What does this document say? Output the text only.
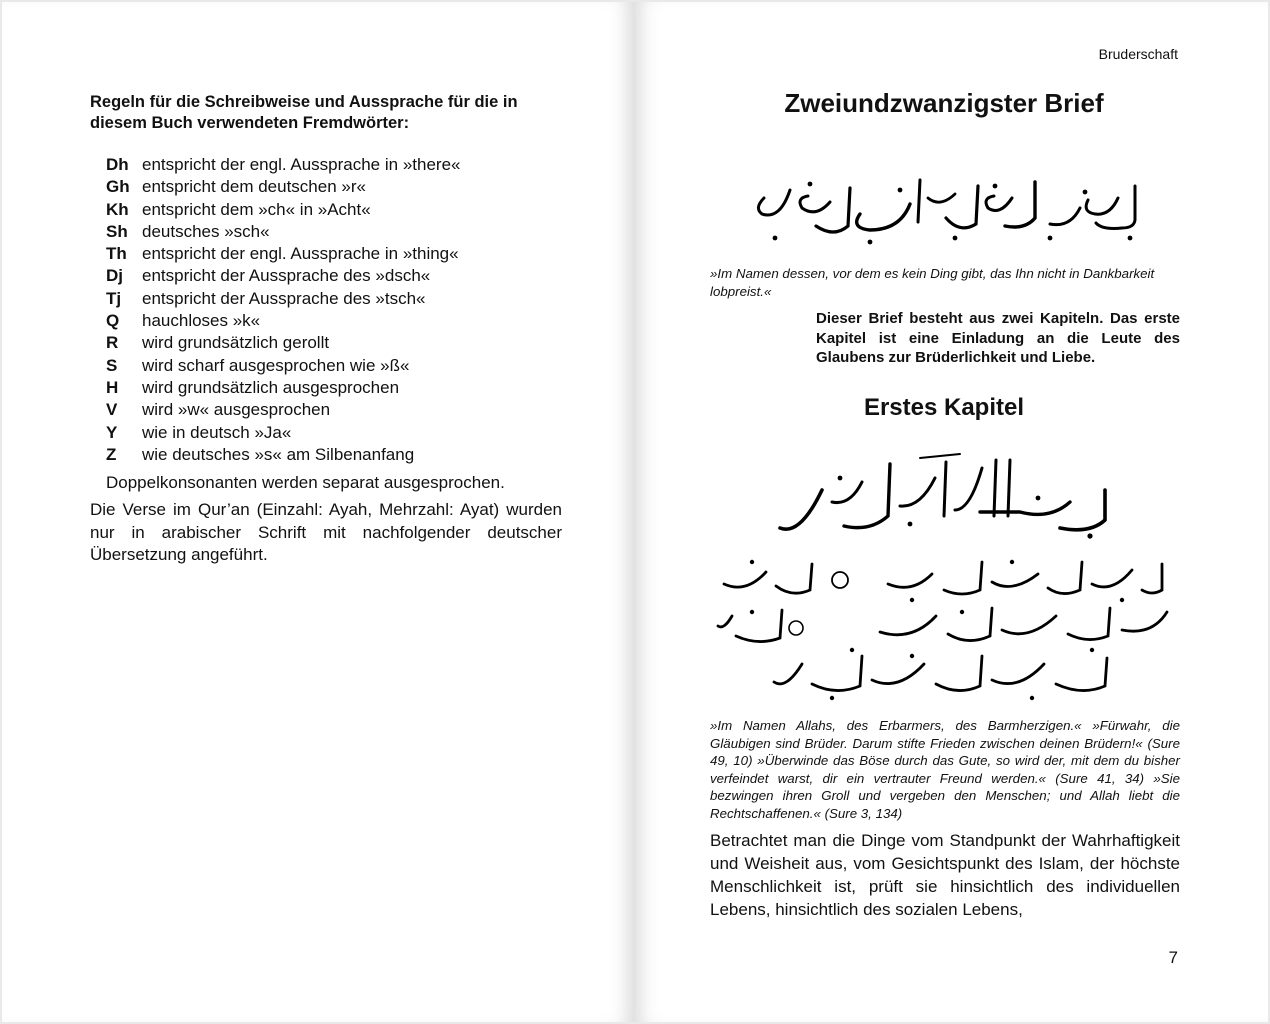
Regeln für die Schreibweise und Aussprache für die in diesem Buch verwendeten Fremdwörter:
Dh entspricht der engl. Aussprache in »there«
Gh entspricht dem deutschen »r«
Kh entspricht dem »ch« in »Acht«
Sh deutsches »sch«
Th entspricht der engl. Aussprache in »thing«
Dj	entspricht der Aussprache des »dsch«
Tj	entspricht der Aussprache des »tsch«
Q	hauchloses »k«
R	wird grundsätzlich gerollt
S	wird scharf ausgesprochen wie »ß«
H	wird grundsätzlich ausgesprochen
V	wird »w« ausgesprochen
Y	wie in deutsch »Ja«
Z	wie deutsches »s« am Silbenanfang
Doppelkonsonanten werden separat ausgesprochen.
Die Verse im Qur’an (Einzahl: Ayah, Mehrzahl: Ayat) wurden nur in arabischer Schrift mit nachfolgender deutscher Übersetzung angeführt.
Bruderschaft
Zweiundzwanzigster Brief
»Im Namen dessen, vor dem es kein Ding gibt, das Ihn nicht in Dankbarkeit lobpreist.«
Dieser Brief besteht aus zwei Kapiteln. Das erste Kapitel ist eine Einladung an die Leute des Glaubens zur Brüderlichkeit und Liebe.
Erstes Kapitel
»Im Namen Allahs, des Erbarmers, des Barmherzigen.« »Fürwahr, die Gläubigen sind Brüder. Darum stifte Frieden zwischen deinen Brüdern!« (Sure 49, 10) »Überwinde das Böse durch das Gute, so wird der, mit dem du bisher verfeindet warst, dir ein vertrauter Freund werden.« (Sure 41, 34) »Sie bezwingen ihren Groll und vergeben den Menschen; und Allah liebt die Rechtschaffenen.« (Sure 3, 134)
Betrachtet man die Dinge vom Standpunkt der Wahrhaftigkeit und Weisheit aus, vom Gesichtspunkt des Islam, der höchste Menschlichkeit ist, prüft sie hinsichtlich des individuellen Lebens, hinsichtlich des sozialen Lebens,
7
